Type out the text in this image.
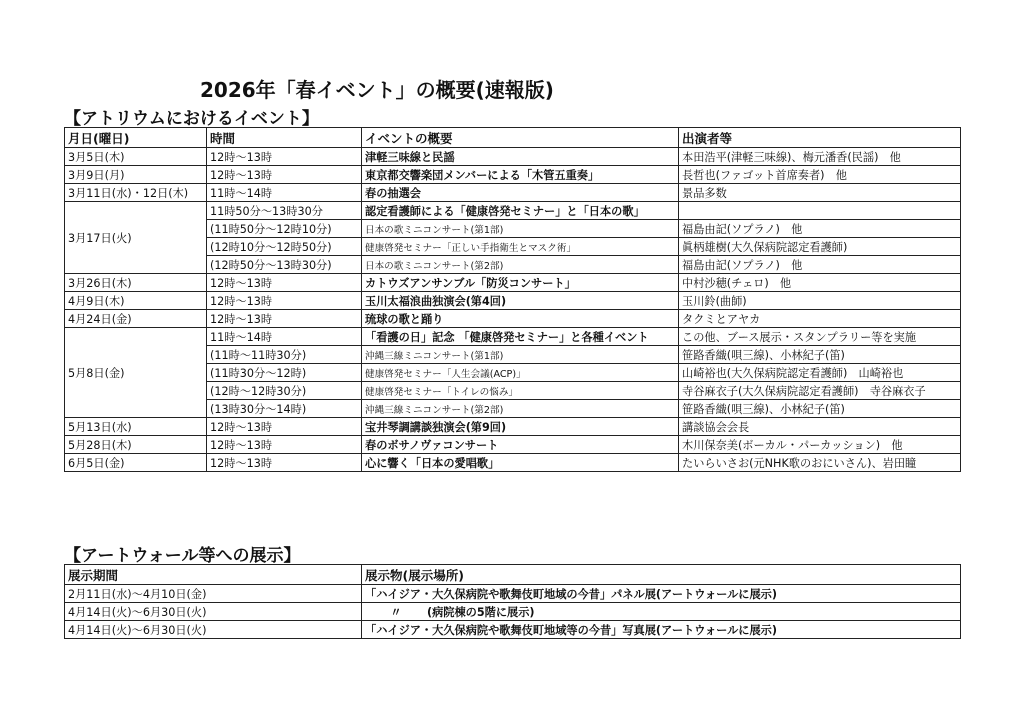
2026年「春イベント」の概要(速報版)
【アトリウムにおけるイベント】
月日(曜日)	時間	イベントの概要	出演者等
3月5日(木)	12時～13時	津軽三味線と民謡	本田浩平(津軽三味線)、梅元潘香(民謡)　他
3月9日(月)	12時～13時	東京都交響楽団メンバーによる「木管五重奏」	長哲也(ファゴット首席奏者)　他
3月11日(水)・12日(木)	11時～14時	春の抽選会	景品多数
3月17日(火)	11時50分～13時30分	認定看護師による「健康啓発セミナー」と「日本の歌」	
	(11時50分～12時10分)	日本の歌ミニコンサート(第1部)	福島由記(ソプラノ)　他
	(12時10分～12時50分)	健康啓発セミナー「正しい手指衛生とマスク術」	眞柄雄樹(大久保病院認定看護師)
	(12時50分～13時30分)	日本の歌ミニコンサート(第2部)	福島由記(ソプラノ)　他
3月26日(木)	12時～13時	カトウズアンサンブル「防災コンサート」	中村沙穂(チェロ)　他
4月9日(木)	12時～13時	玉川太福浪曲独演会(第4回)	玉川鈴(曲師)
4月24日(金)	12時～13時	琉球の歌と踊り	タクミとアヤカ
5月8日(金)	11時～14時	「看護の日」記念 「健康啓発セミナー」と各種イベント	この他、ブース展示・スタンプラリー等を実施
	(11時～11時30分)	沖縄三線ミニコンサート(第1部)	笹路香織(唄三線)、小林紀子(笛)
	(11時30分～12時)	健康啓発セミナー「人生会議(ACP)」	山崎裕也(大久保病院認定看護師)　山崎裕也
	(12時～12時30分)	健康啓発セミナー「トイレの悩み」	寺谷麻衣子(大久保病院認定看護師)　寺谷麻衣子
	(13時30分～14時)	沖縄三線ミニコンサート(第2部)	笹路香織(唄三線)、小林紀子(笛)
5月13日(水)	12時～13時	宝井琴調講談独演会(第9回)	講談協会会長
5月28日(木)	12時～13時	春のボサノヴァコンサート	木川保奈美(ボーカル・パーカッション)　他
6月5日(金)	12時～13時	心に響く「日本の愛唱歌」	たいらいさお(元NHK歌のおにいさん)、岩田瞳
【アートウォール等への展示】
展示期間	展示物(展示場所)
2月11日(水)～4月10日(金)	「ハイジア・大久保病院や歌舞伎町地域の今昔」パネル展(アートウォールに展示)
4月14日(火)～6月30日(火)	〃 (病院棟の5階に展示)
4月14日(火)～6月30日(火)	「ハイジア・大久保病院や歌舞伎町地域等の今昔」写真展(アートウォールに展示)
